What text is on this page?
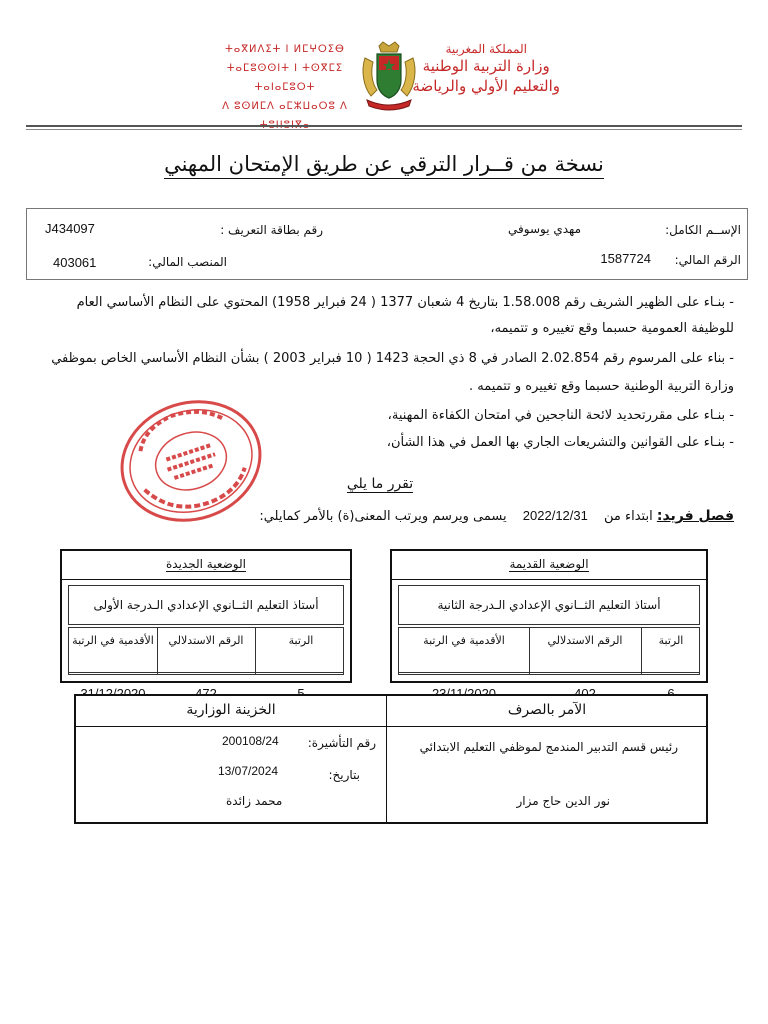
ⵜⴰⴳⵍⴷⵉⵜ ⵏ ⵍⵎⵖⵔⵉⴱ
ⵜⴰⵎⵓⵙⵙⵏⵜ ⵏ ⵜⵙⴳⵎⵉ ⵜⴰⵏⴰⵎⵓⵔⵜ
ⴷ ⵓⵙⵍⵎⴷ ⴰⵎⵣⵡⴰⵔⵓ ⴷ ⵜⵓⵏⵏⵓⵏⴳⴰ
المملكة المغربية
وزارة التربية الوطنية
والتعليم الأولي والرياضة
نسخة من قــرار الترقي عن طريق الإمتحان المهني
الإســم الكامل:
مهدي يوسوفي
رقم بطاقة التعريف :
J434097
الرقم المالي:
1587724
المنصب المالي:
403061
- بنـاء على الظهير الشريف رقم 1.58.008 بتاريخ 4 شعبان 1377 ( 24 فبراير 1958) المحتوي على النظام الأساسي العام
للوظيفة العمومية حسبما وقع تغييره و تتميمه،
- بناء على المرسوم رقم 2.02.854 الصادر في 8 ذي الحجة 1423 ( 10 فبراير 2003 ) بشأن النظام الأساسي الخاص بموظفي
وزارة التربية الوطنية حسبما وقع تغييره و تتميمه .
- بنـاء على مقررتحديد لائحة الناجحين في امتحان الكفاءة المهنية،
- بنـاء على القوانين والتشريعات الجاري بها العمل في هذا الشأن،
تقرر ما يلي
فصل فريد: ابتداء من 2022/12/31 يسمى ويرسم ويرتب المعنى(ة) بالأمر كمايلي:
الوضعية الجديدة
أستاذ التعليم الثــانوي الإعدادي الـدرجة الأولى
الرتبة
الرقم الاستدلالي
الأقدمية في الرتبة
الوضعية القديمة
أستاذ التعليم الثــانوي الإعدادي الـدرجة الثانية
الرتبة
الرقم الاستدلالي
الأقدمية في الرتبة
الآمر بالصرف
الخزينة الوزارية
رئيس قسم التدبير المندمج لموظفي التعليم الابتدائي
نور الدين حاج مزار
رقم التأشيرة:
200108/24
بتاريخ:
13/07/2024
محمد زائدة
